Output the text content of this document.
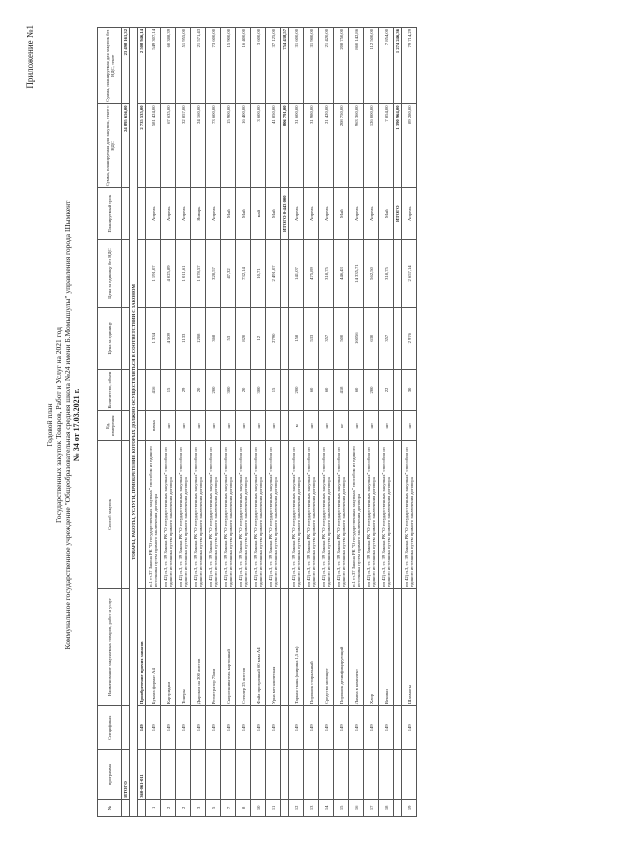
Приложение №1
Годовой план Государственных закупок Товаров, Работ и Услуг на 2021 год Коммунальное государственное учреждение "Общеобразовательная средняя школа №24 имени Б.Момышулы" управления города Шымкент № 34 от 17.03.2021 г.
№	программа	Спецификах	Наименование закупаемых товаров, работ и услуг	Способ закупок	Ед. измерения	Количество, объем	Цена за единицу	Цена за единицу без НДС	Планируемый срок	Сумма, планируемая для закупок, тенге с НДС	Сумма, планируемая для закупок без НДС, тенге
	ИТОГО									24 895 656,00	23 498 161,32
ТОВАРЫ, РАБОТЫ, УСЛУГИ, ПРИОБРЕТЕНИЕ КОТОРЫХ ДОЛЖНО ОСУЩЕСТВЛЯТЬСЯ В СООТВЕТСТВИИ С ЗАКОНОМ											
	360-061-011	149	Приобретение прочих запасов							2 735 535,00	2 508 946,14
1		149	Бумага формат А4	п.1 ст.37 Закона РК "О государственных закупках" способом из единого источника путем прямого заключения договора	пачка	416	1 334	1 191,07	Апрель	581 424,00	549 307,14
2		149	Картриджи	пп 42) п.3, ст. 39 Закона РК "О государственных закупках" способом из единого источника путем прямого заключения договора	шт	15	4 509	4 025,89	Апрель	67 635,00	60 388,39
2		149	Тонеры	пп 42) п.3, ст. 39 Закона РК "О государственных закупках" способом из единого источника путем прямого заключения договора	шт	29	1133	1 011,61	Апрель	32 857,00	51 955,00
3		149	Дырокол на 200 листов	пп 42) п.3, ст. 39 Закона РК "О государственных закупках" способом из единого источника путем прямого заключения договора	шт	20	1208	1 078,57	Январь	24 160,00	21 571,43
5		149	Регистратор 75мм	пп 42) п.3, ст. 39 Закона РК "О государственных закупках" способом из единого источника путем прямого заключения договора	шт	200	368	328,57	Апрель	73 600,00	73 600,00
7		149	Скоросшиватель картонный	пп 42) п.3, ст. 39 Закона РК "О государственных закупках" способом из единого источника путем прямого заключения договора	шт	300	53	47,32	Май	15 900,00	15 900,00
8		149	Степлер 25 листов	пп 42) п.3, ст. 39 Закона РК "О государственных закупках" способом из единого источника путем прямого заключения договора	шт	20	820	732,14	Май	16 400,00	16 400,00
10		149	Файл прозрачный 60 мкм А4	пп 42) п.3, ст. 39 Закона РК "О государственных закупках" способом из единого источника путем прямого заключения договора	шт	300	12	10,71	май	3 600,00	3 600,00
11		149	Урна металическая	пп 42) п.3, ст. 39 Закона РК "О государственных закупках" способом из единого источника путем прямого заключения договора	шт	15	2790	2 491,07	Май	41 850,00	37 125,00
									ИТОГО 0-443 000	806 791,00	754 438,57
12		149	Тарная ткань (ширина 1,5 кв)	пп 42) п.3, ст. 39 Закона РК "О государственных закупках" способом из единого источника путем прямого заключения договора	м	200	158	141,07	Апрель	31 600,00	31 600,00
13		149	Порошок стиральный	пп 42) п.3, ст. 39 Закона РК "О государственных закупках" способом из единого источника путем прямого заключения договора	шт	60	533	475,89	Апрель	31 980,00	31 980,00
14		149	Средство моющее	пп 42) п.3, ст. 39 Закона РК "О государственных закупках" способом из единого источника путем прямого заключения договора	шт	60	357	318,75	Апрель	21 420,00	21 420,00
15		149	Порошок дезинфицирующий	пп 42) п.3, ст. 39 Закона РК "О государственных закупках" способом из единого источника путем прямого заключения договора	кг	418	500	446,43	Май	208 750,00	208 750,00
16		149	Лампа в комплект	п.1 ст.37 Закона РК "О государственных закупках" способом из единого источника путем прямого заключения договора	шт	60	16056	14 335,71	Апрель	963 360,00	860 142,86
17		149	Хлор	пп 42) п.3, ст. 39 Закона РК "О государственных закупках" способом из единого источника путем прямого заключения договора	шт	200	630	562,50	Апрель	126 000,00	112 500,00
18		149	Веники	пп 42) п.3, ст. 39 Закона РК "О государственных закупках" способом из единого источника путем прямого заключения договора	шт	22	357	318,75	Май	7 854,00	7 854,00
									ИТОГО	1 390 964,00	1 274 246,36
19		149	Шахматы	пп 42) п.3, ст. 39 Закона РК "О государственных закупках" способом из единого источника путем прямого заключения договора	шт	30	2 976	2 657,14	Апрель	89 280,00	79 714,29
